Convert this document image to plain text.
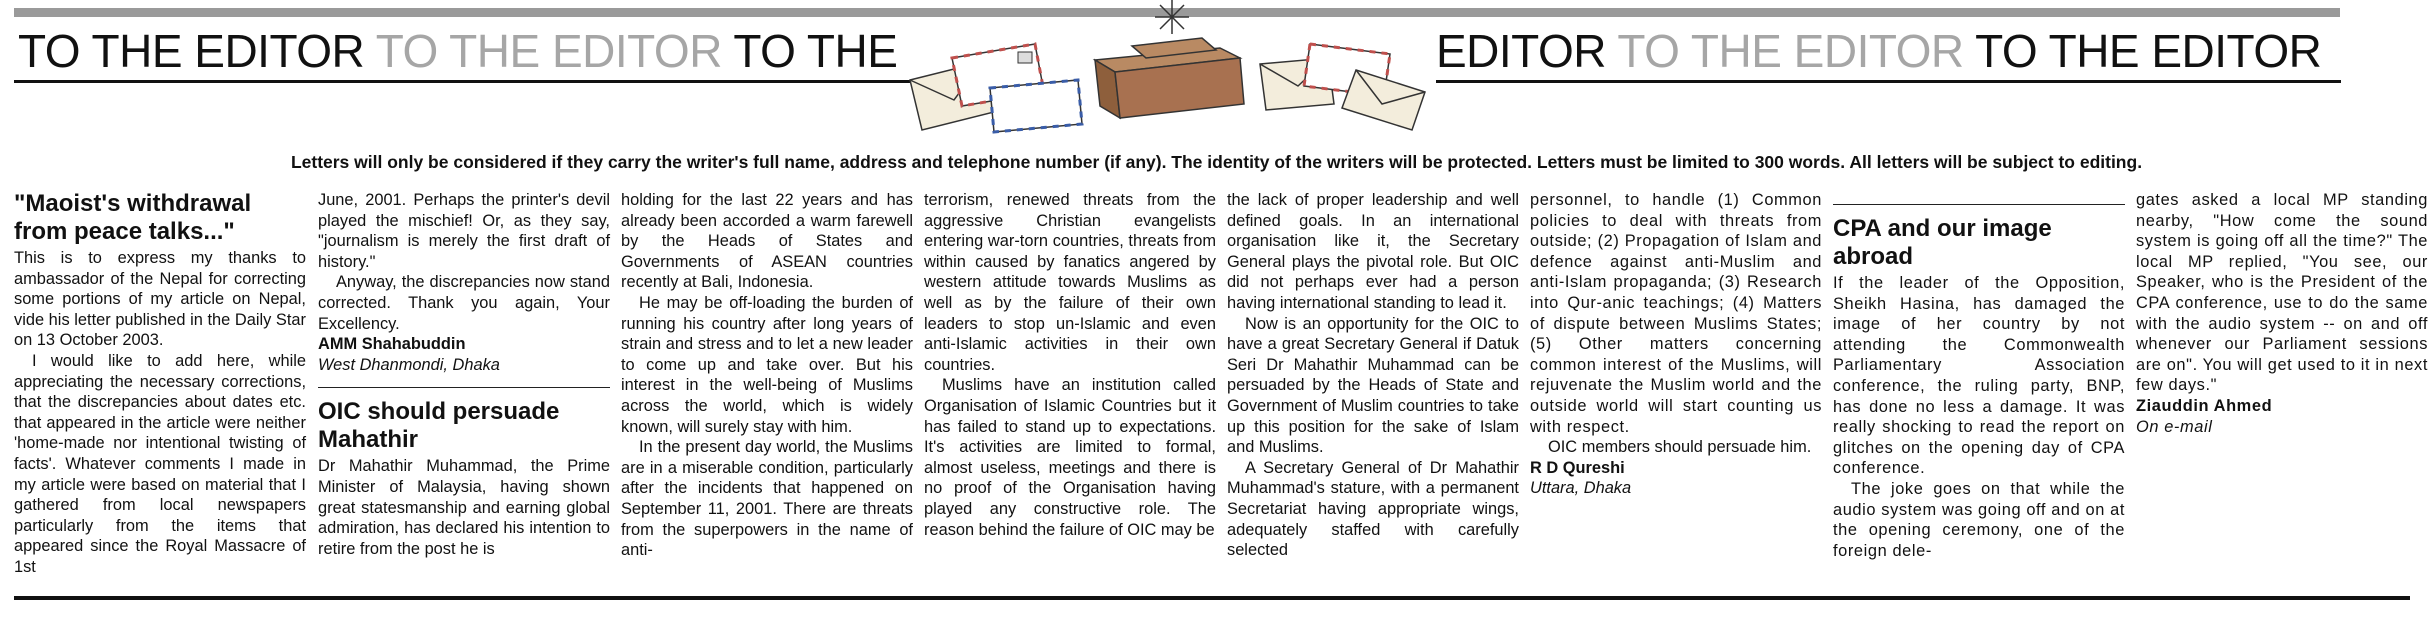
TO THE EDITOR TO THE EDITOR TO THE	EDITOR TO THE EDITOR TO THE EDITOR
Letters will only be considered if they carry the writer's full name, address and telephone number (if any). The identity of the writers will be protected. Letters must be limited to 300 words. All letters will be subject to editing.
"Maoist's withdrawal from peace talks..."

This is to express my thanks to ambassador of the Nepal for correcting some portions of my article on Nepal, vide his letter published in the Daily Star on 13 October 2003.

I would like to add here, while appreciating the necessary corrections, that the discrepancies about dates etc. that appeared in the article were neither 'home-made nor intentional twisting of facts'. Whatever comments I made in my article were based on material that I gathered from local newspapers particularly from the items that appeared since the Royal Massacre of 1st

June, 2001. Perhaps the printer's devil played the mischief! Or, as they say, "journalism is merely the first draft of history."

Anyway, the discrepancies now stand corrected. Thank you again, Your Excellency.

AMM Shahabuddin

West Dhanmondi, Dhaka

OIC should persuade Mahathir

Dr Mahathir Muhammad, the Prime Minister of Malaysia, having shown great statesmanship and earning global admiration, has declared his intention to retire from the post he is

holding for the last 22 years and has already been accorded a warm farewell by the Heads of States and Governments of ASEAN countries recently at Bali, Indonesia.

He may be off-loading the burden of running his country after long years of strain and stress and to let a new leader to come up and take over. But his interest in the well-being of Muslims across the world, which is widely known, will surely stay with him.

In the present day world, the Muslims are in a miserable condition, particularly after the incidents that happened on September 11, 2001. There are threats from the superpowers in the name of anti-

terrorism, renewed threats from the aggressive Christian evangelists entering war-torn countries, threats from within caused by fanatics angered by western attitude towards Muslims as well as by the failure of their own leaders to stop un-Islamic and even anti-Islamic activities in their own countries.

Muslims have an institution called Organisation of Islamic Countries but it has failed to stand up to expectations. It's activities are limited to formal, almost useless, meetings and there is no proof of the Organisation having played any constructive role. The reason behind the failure of OIC may be

the lack of proper leadership and well defined goals. In an international organisation like it, the Secretary General plays the pivotal role. But OIC did not perhaps ever had a person having international standing to lead it.

Now is an opportunity for the OIC to have a great Secretary General if Datuk Seri Dr Mahathir Muhammad can be persuaded by the Heads of State and Government of Muslim countries to take up this position for the sake of Islam and Muslims.

A Secretary General of Dr Mahathir Muhammad's stature, with a permanent Secretariat having appropriate wings, adequately staffed with carefully selected

personnel, to handle (1) Common policies to deal with threats from outside; (2) Propagation of Islam and defence against anti-Muslim and anti-Islam propaganda; (3) Research into Qur-anic teachings; (4) Matters of dispute between Muslims States; (5) Other matters concerning common interest of the Muslims, will rejuvenate the Muslim world and the outside world will start counting us with respect.

OIC members should persuade him.

R D Qureshi

Uttara, Dhaka

CPA and our image abroad

If the leader of the Opposition, Sheikh Hasina, has damaged the image of her country by not attending the Commonwealth Parliamentary Association conference, the ruling party, BNP, has done no less a damage. It was really shocking to read the report on glitches on the opening day of CPA conference.

The joke goes on that while the audio system was going off and on at the opening ceremony, one of the foreign dele-

gates asked a local MP standing nearby, "How come the sound system is going off all the time?" The local MP replied, "You see, our Speaker, who is the President of the CPA conference, use to do the same with the audio system -- on and off whenever our Parliament sessions are on". You will get used to it in next few days."

Ziauddin Ahmed

On e-mail
